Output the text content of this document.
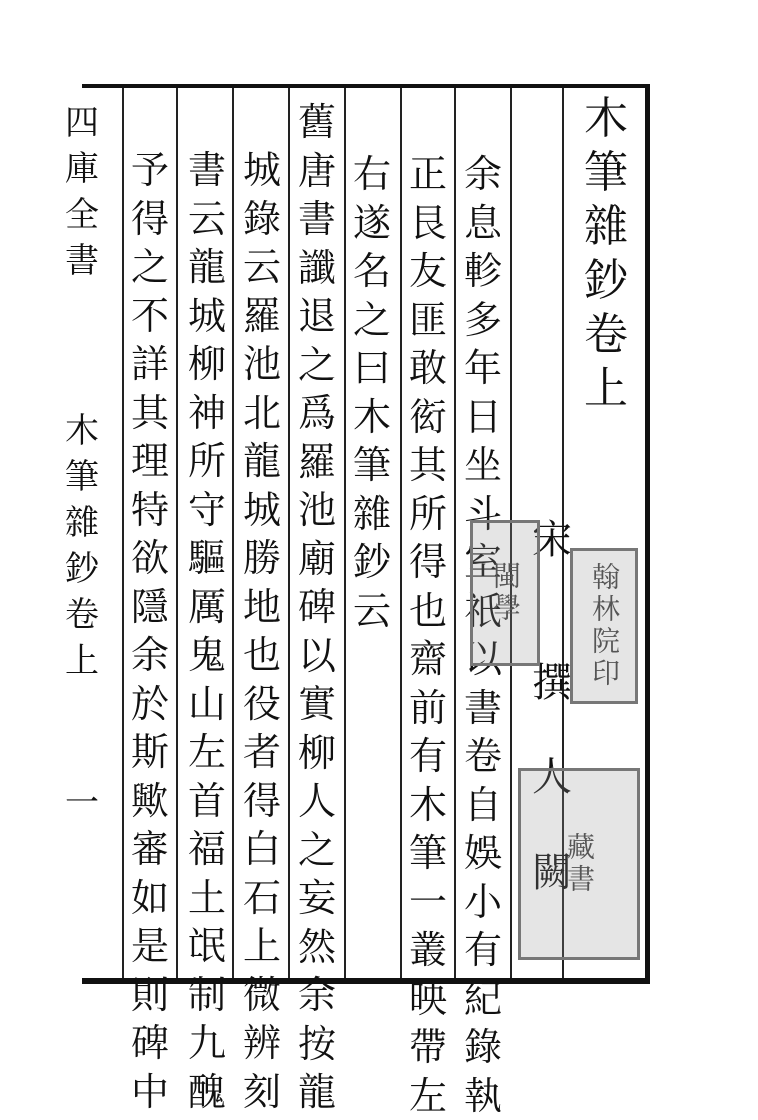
木
筆
雜
鈔
卷
上
宋
撰
人
闕
余
息
軫
多
年
日
坐
斗
室
祇
以
書
卷
自
娛
小
有
紀
錄
執
正
艮
友
匪
敢
衒
其
所
得
也
齋
前
有
木
筆
一
叢
映
帶
左
右
遂
名
之
曰
木
筆
雜
鈔
云
舊
唐
書
讖
退
之
爲
羅
池
廟
碑
以
實
柳
人
之
妄
然
余
按
龍
城
錄
云
羅
池
北
龍
城
勝
地
也
役
者
得
白
石
上
微
辨
刻
書
云
龍
城
柳
神
所
守
驅
厲
鬼
山
左
首
福
土
氓
制
九
醜
予
得
之
不
詳
其
理
特
欲
隱
余
於
斯
歟
審
如
是
則
碑
中
四
庫
全
書
木
筆
雜
鈔
卷
上
一
閩學 翰林院印
藏書
